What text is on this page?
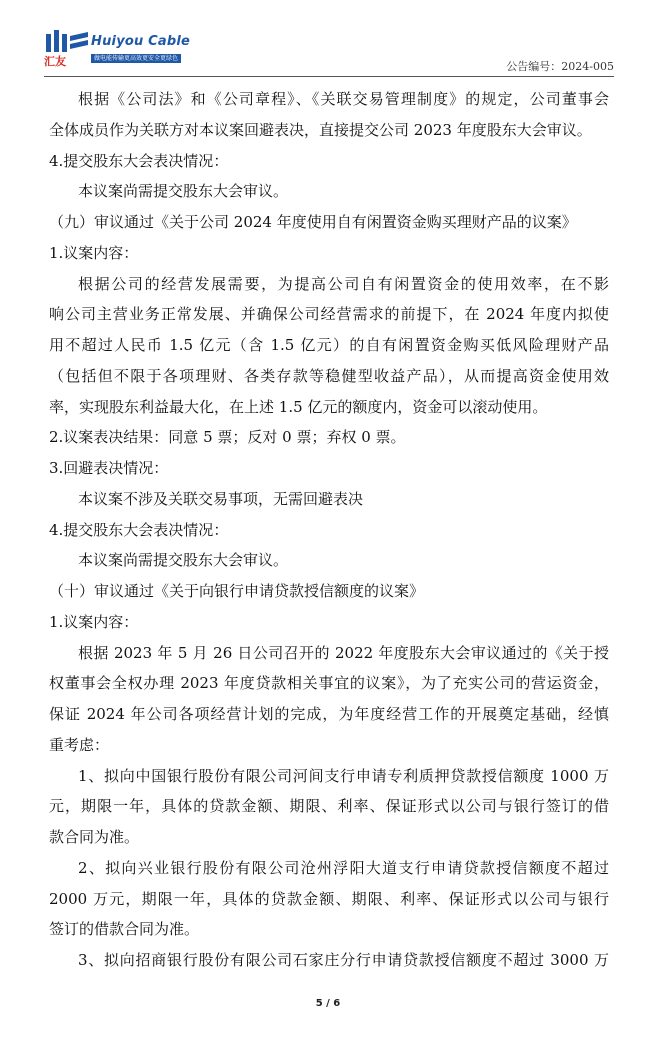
Huiyou Cable
汇友	做电能传输更高效更安全更绿色
公告编号：2024-005
根据《公司法》和《公司章程》、《关联交易管理制度》的规定，公司董事会
全体成员作为关联方对本议案回避表决，直接提交公司 2023 年度股东大会审议。
4.提交股东大会表决情况：
本议案尚需提交股东大会审议。
（九）审议通过《关于公司 2024 年度使用自有闲置资金购买理财产品的议案》
1.议案内容：
根据公司的经营发展需要，为提高公司自有闲置资金的使用效率，在不影
响公司主营业务正常发展、并确保公司经营需求的前提下，在 2024 年度内拟使
用不超过人民币 1.5 亿元（含 1.5 亿元）的自有闲置资金购买低风险理财产品
（包括但不限于各项理财、各类存款等稳健型收益产品），从而提高资金使用效
率，实现股东利益最大化，在上述 1.5 亿元的额度内，资金可以滚动使用。
2.议案表决结果：同意 5 票；反对 0 票；弃权 0 票。
3.回避表决情况：
本议案不涉及关联交易事项，无需回避表决
4.提交股东大会表决情况：
本议案尚需提交股东大会审议。
（十）审议通过《关于向银行申请贷款授信额度的议案》
1.议案内容：
根据 2023 年 5 月 26 日公司召开的 2022 年度股东大会审议通过的《关于授
权董事会全权办理 2023 年度贷款相关事宜的议案》，为了充实公司的营运资金，
保证 2024 年公司各项经营计划的完成，为年度经营工作的开展奠定基础，经慎
重考虑：
1、拟向中国银行股份有限公司河间支行申请专利质押贷款授信额度 1000 万
元，期限一年，具体的贷款金额、期限、利率、保证形式以公司与银行签订的借
款合同为准。
2、拟向兴业银行股份有限公司沧州浮阳大道支行申请贷款授信额度不超过
2000 万元，期限一年，具体的贷款金额、期限、利率、保证形式以公司与银行
签订的借款合同为准。
3、拟向招商银行股份有限公司石家庄分行申请贷款授信额度不超过 3000 万
5 / 6
